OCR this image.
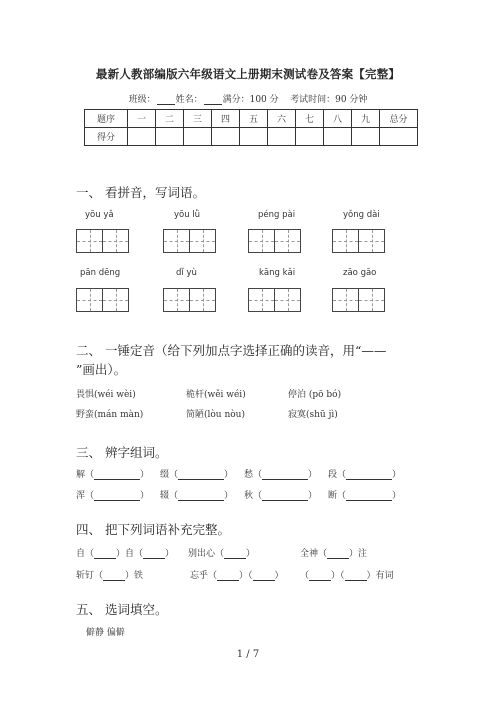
最新人教部编版六年级语文上册期末测试卷及答案【完整】
班级： 姓名： 满分：100 分 考试时间：90 分钟
题序	一	二	三	四	五	六	七	八	九	总分
得分										
一、 看拼音，写词语。
yōu yǎ	yōu lǜ	péng pài	yǒng dài
pān dēng	dǐ yù	kāng kǎi	zāo gāo
二、 一锤定音（给下列加点字选择正确的读音，用“——
”画出）。
畏惧(wéi wèi)	桅杆(wěi wéi)	停泊 (pō bó)
野蛮(mán màn)	简陋(lòu nòu)	寂寞(shū jì)
三、 辨字组词。
解（	） 缀（	） 愁（	） 段（	）
浑（	） 辍（	） 秋（	） 断（	）
四、 把下列词语补充完整。
自（ ）自（ ） 别出心（ ）	全神（ ）注
斩钉（ ）铁	忘乎（ ）（ ） （ ）（ ）有词
五、 选词填空。
僻静 偏僻
1 / 7
